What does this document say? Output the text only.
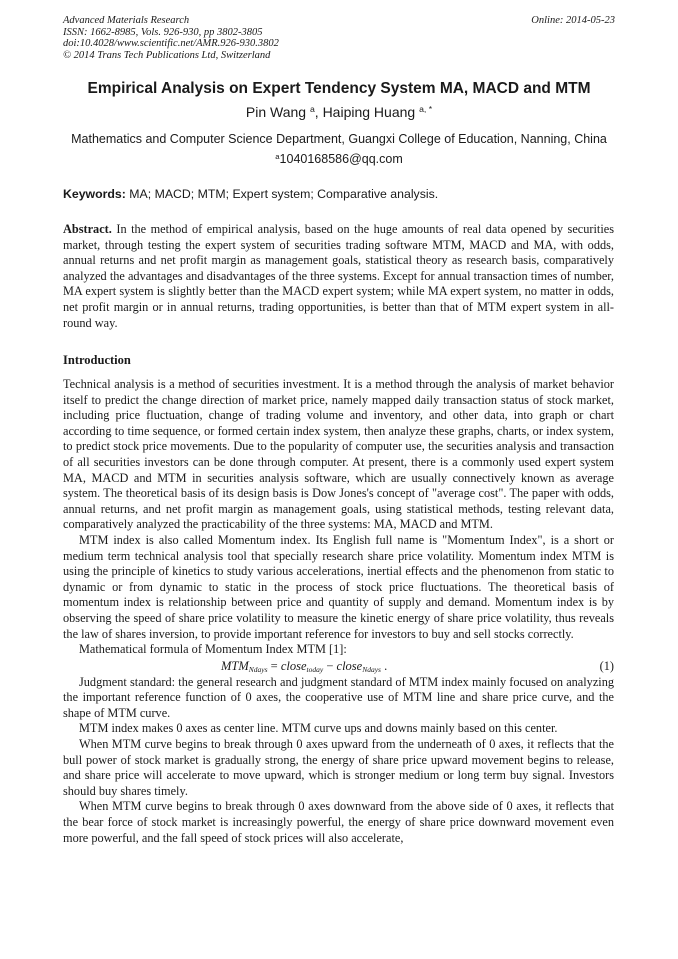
Advanced Materials Research
ISSN: 1662-8985, Vols. 926-930, pp 3802-3805
doi:10.4028/www.scientific.net/AMR.926-930.3802
© 2014 Trans Tech Publications Ltd, Switzerland
Online: 2014-05-23
Empirical Analysis on Expert Tendency System MA, MACD and MTM
Pin Wang $^a$, Haiping Huang $^{a, *}$
Mathematics and Computer Science Department, Guangxi College of Education, Nanning, China
$^a$1040168586@qq.com
Keywords: MA; MACD; MTM; Expert system; Comparative analysis.
Abstract. In the method of empirical analysis, based on the huge amounts of real data opened by securities market, through testing the expert system of securities trading software MTM, MACD and MA, with odds, annual returns and net profit margin as management goals, statistical theory as research basis, comparatively analyzed the advantages and disadvantages of the three systems. Except for annual transaction times of number, MA expert system is slightly better than the MACD expert system; while MA expert system, no matter in odds, net profit margin or in annual returns, trading opportunities, is better than that of MTM expert system in all-round way.
Introduction

Technical analysis is a method of securities investment. It is a method through the analysis of market behavior itself to predict the change direction of market price, namely mapped daily transaction status of stock market, including price fluctuation, change of trading volume and inventory, and other data, into graph or chart according to time sequence, or formed certain index system, then analyze these graphs, charts, or index system, to predict stock price movements. Due to the popularity of computer use, the securities analysis and transaction of all securities investors can be done through computer. At present, there is a commonly used expert system MA, MACD and MTM in securities analysis software, which are usually connectively known as average system. The theoretical basis of its design basis is Dow Jones's concept of "average cost". The paper with odds, annual returns, and net profit margin as management goals, using statistical methods, testing relevant data, comparatively analyzed the practicability of the three systems: MA, MACD and MTM.

MTM index is also called Momentum index. Its English full name is "Momentum Index", is a short or medium term technical analysis tool that specially research share price volatility. Momentum index MTM is using the principle of kinetics to study various accelerations, inertial effects and the phenomenon from static to dynamic or from dynamic to static in the process of stock price fluctuations. The theoretical basis of momentum index is relationship between price and quantity of supply and demand. Momentum index is by observing the speed of share price volatility to measure the kinetic energy of share price volatility, thus reveals the law of shares inversion, to provide important reference for investors to buy and sell stocks correctly.

Mathematical formula of Momentum Index MTM [1]:

$MTM_{Ndays}$ = close$_{today}$ − close$_{Ndays}$ .	(1)

Judgment standard: the general research and judgment standard of MTM index mainly focused on analyzing the important reference function of 0 axes, the cooperative use of MTM line and share price curve, and the shape of MTM curve.

MTM index makes 0 axes as center line. MTM curve ups and downs mainly based on this center.

When MTM curve begins to break through 0 axes upward from the underneath of 0 axes, it reflects that the bull power of stock market is gradually strong, the energy of share price upward movement begins to release, and share price will accelerate to move upward, which is stronger medium or long term buy signal. Investors should buy shares timely.

When MTM curve begins to break through 0 axes downward from the above side of 0 axes, it reflects that the bear force of stock market is increasingly powerful, the energy of share price downward movement even more powerful, and the fall speed of stock prices will also accelerate,
